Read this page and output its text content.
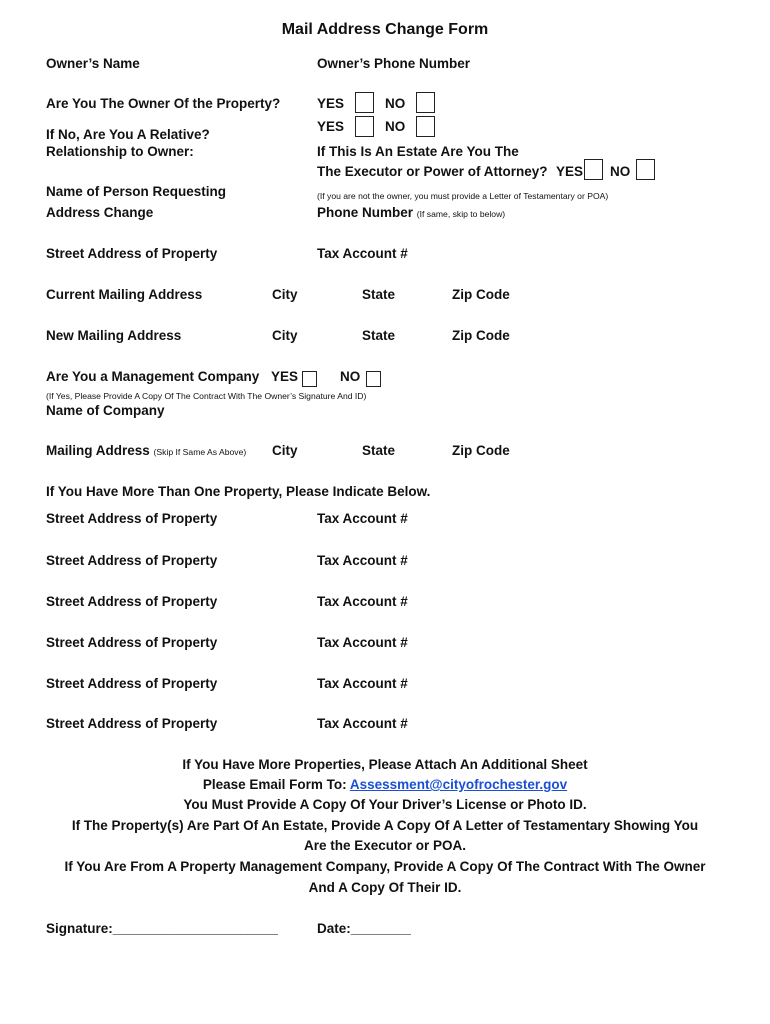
Mail Address Change Form
Owner’s Name	Owner’s Phone Number
Are You The Owner Of the Property?	YES	NO
YES	NO
If No, Are You A Relative?
Relationship to Owner:	If This Is An Estate Are You The
The Executor or Power of Attorney? YES NO
Name of Person Requesting
Address Change
(If you are not the owner, you must provide a Letter of Testamentary or POA)
Phone Number (If same, skip to below)
Street Address of Property	Tax Account #
Current Mailing Address	City	State	Zip Code
New Mailing Address	City	State	Zip Code
Are You a Management Company YES	NO
(If Yes, Please Provide A Copy Of The Contract With The Owner’s Signature And ID)
Name of Company
Mailing Address (Skip If Same As Above) City	State	Zip Code
If You Have More Than One Property, Please Indicate Below.
Street Address of Property	Tax Account #
Street Address of Property	Tax Account #
Street Address of Property	Tax Account #
Street Address of Property	Tax Account #
Street Address of Property	Tax Account #
Street Address of Property	Tax Account #
If You Have More Properties, Please Attach An Additional Sheet
Please Email Form To: Assessment@cityofrochester.gov
You Must Provide A Copy Of Your Driver’s License or Photo ID.
If The Property(s) Are Part Of An Estate, Provide A Copy Of A Letter of Testamentary Showing You
Are the Executor or POA.
If You Are From A Property Management Company, Provide A Copy Of The Contract With The Owner
And A Copy Of Their ID.
Signature:______________________	Date:________
